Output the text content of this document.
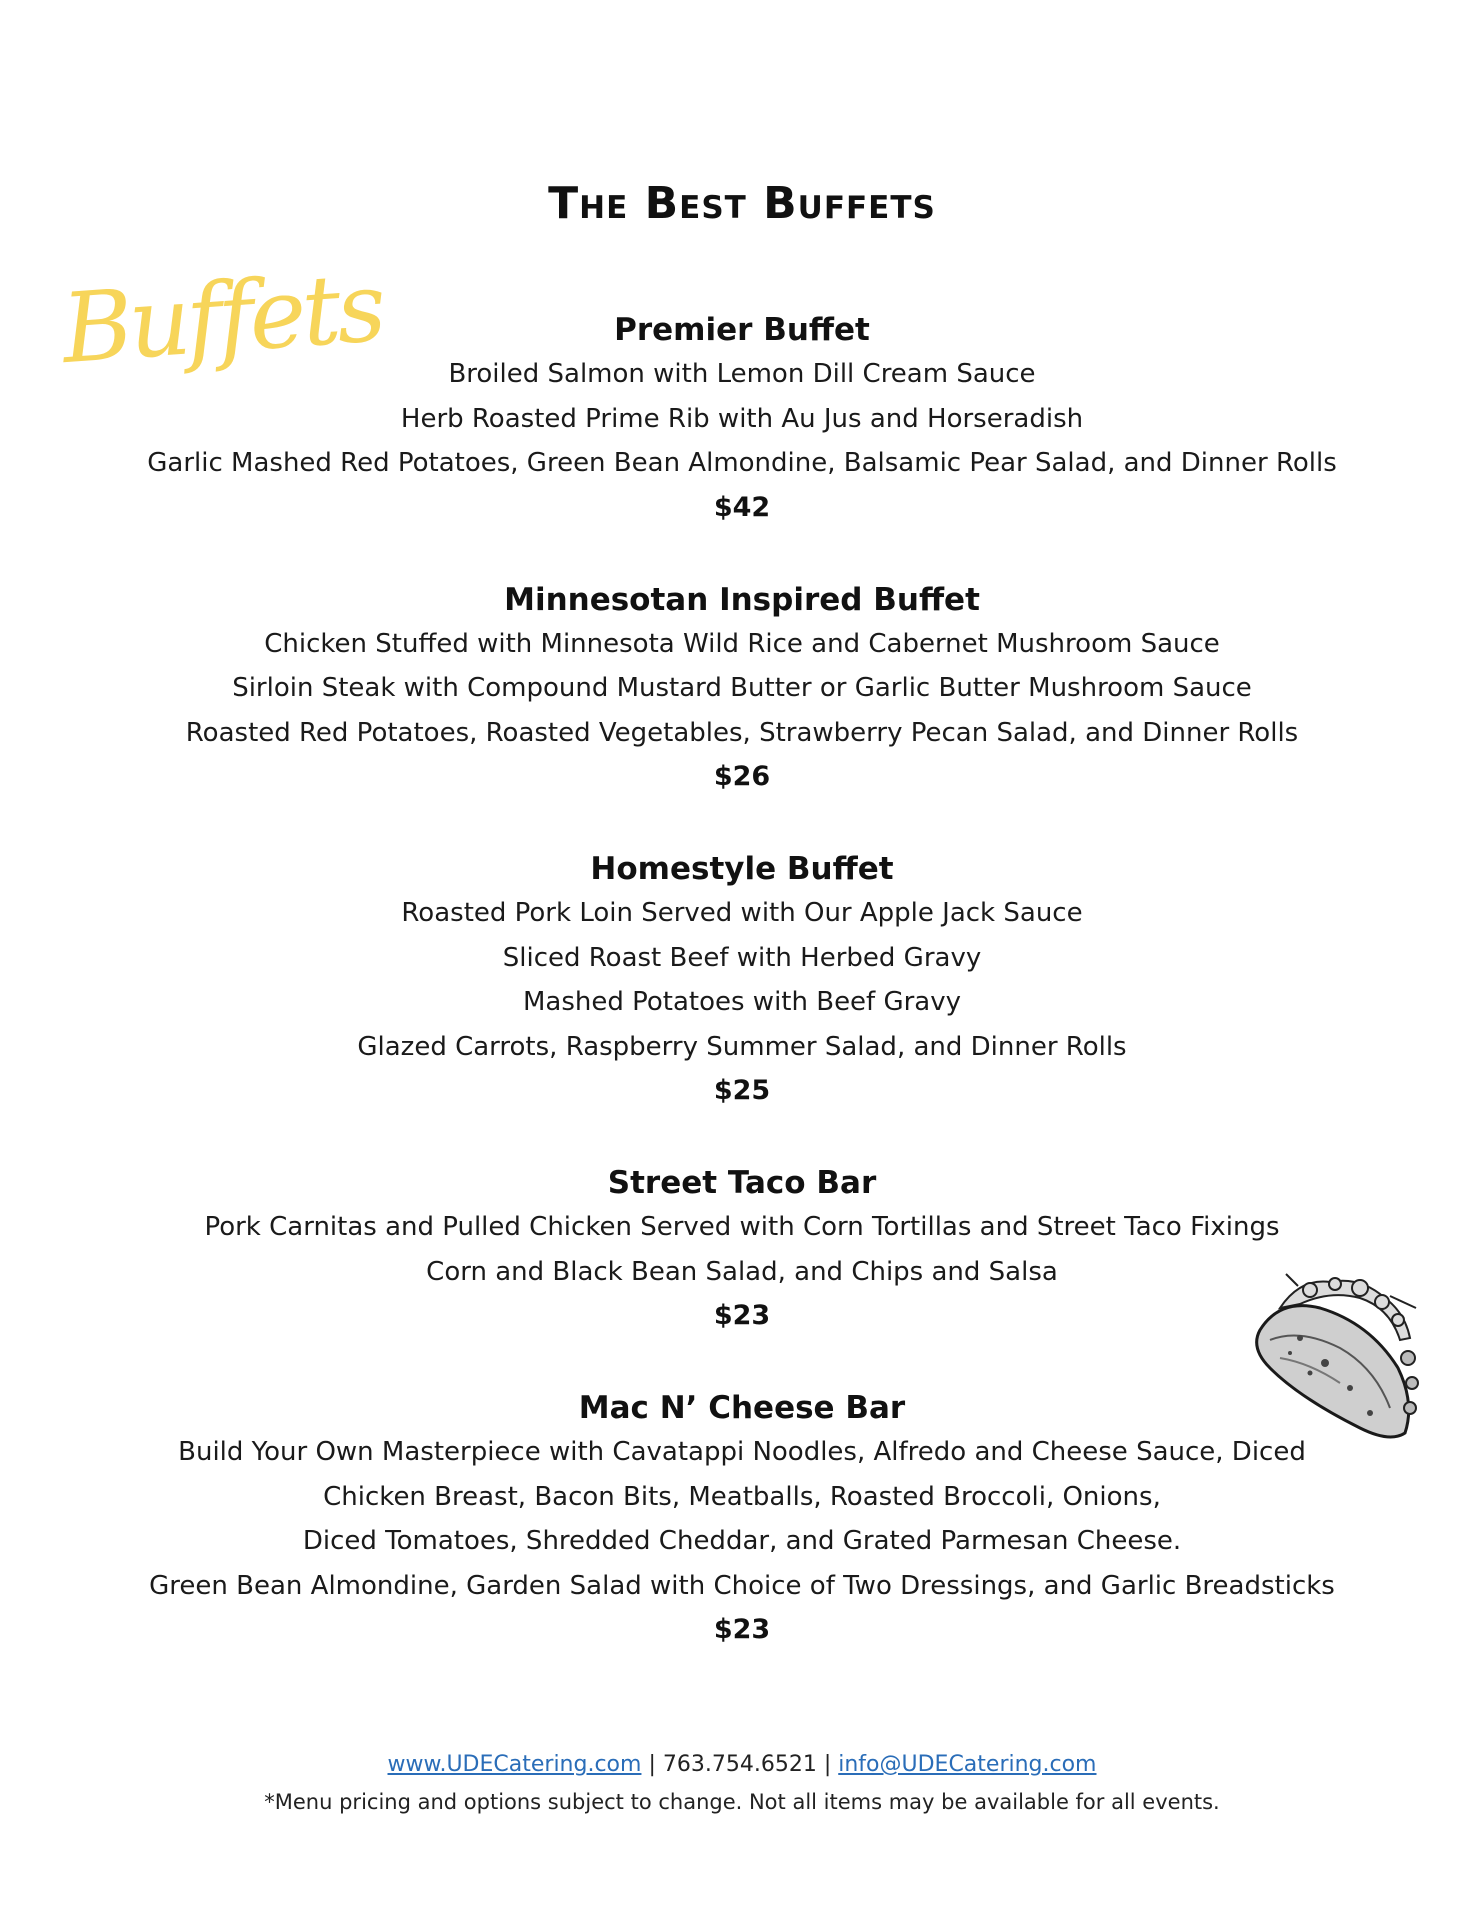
The Best Buffets
Buffets	Premier Buffet
Broiled Salmon with Lemon Dill Cream Sauce
Herb Roasted Prime Rib with Au Jus and Horseradish
Garlic Mashed Red Potatoes, Green Bean Almondine, Balsamic Pear Salad, and Dinner Rolls
$42
Minnesotan Inspired Buffet
Chicken Stuffed with Minnesota Wild Rice and Cabernet Mushroom Sauce
Sirloin Steak with Compound Mustard Butter or Garlic Butter Mushroom Sauce
Roasted Red Potatoes, Roasted Vegetables, Strawberry Pecan Salad, and Dinner Rolls
$26
Homestyle Buffet
Roasted Pork Loin Served with Our Apple Jack Sauce
Sliced Roast Beef with Herbed Gravy
Mashed Potatoes with Beef Gravy
Glazed Carrots, Raspberry Summer Salad, and Dinner Rolls
$25
Street Taco Bar
Pork Carnitas and Pulled Chicken Served with Corn Tortillas and Street Taco Fixings
Corn and Black Bean Salad, and Chips and Salsa
$23
Mac N’ Cheese Bar
Build Your Own Masterpiece with Cavatappi Noodles, Alfredo and Cheese Sauce, Diced
Chicken Breast, Bacon Bits, Meatballs, Roasted Broccoli, Onions,
Diced Tomatoes, Shredded Cheddar, and Grated Parmesan Cheese.
Green Bean Almondine, Garden Salad with Choice of Two Dressings, and Garlic Breadsticks
$23
www.UDECatering.com | 763.754.6521 | info@UDECatering.com
*Menu pricing and options subject to change. Not all items may be available for all events.
